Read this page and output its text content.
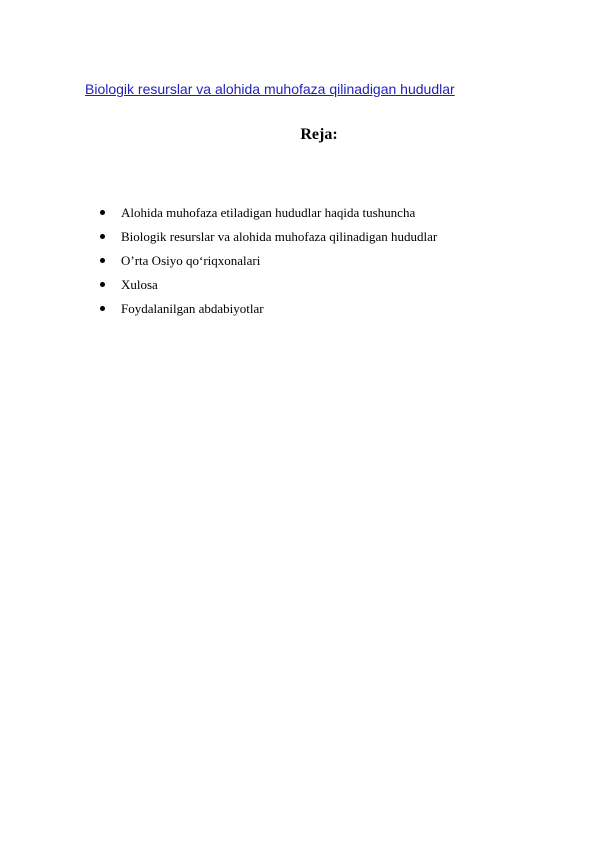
Biologik resurslar va alohida muhofaza qilinadigan hududlar
Reja:
Alohida muhofaza etiladigan hududlar haqida tushuncha
Biologik resurslar va alohida muhofaza qilinadigan hududlar
O’rta Osiyo qo‘riqxonalari
Xulosa
Foydalanilgan abdabiyotlar
